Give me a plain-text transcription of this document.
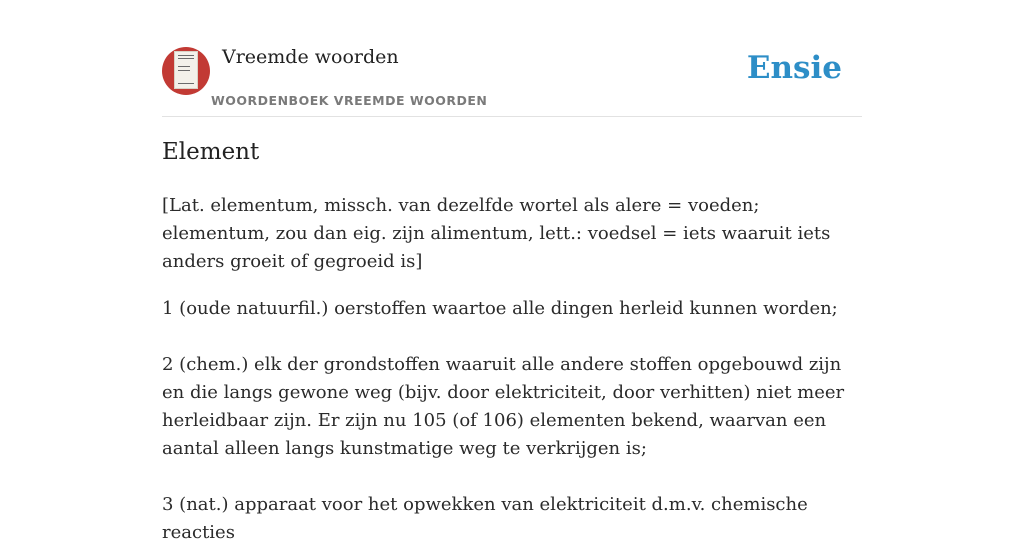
Vreemde woorden
WOORDENBOEK VREEMDE WOORDEN
Ensie
Element

[Lat. elementum, missch. van dezelfde wortel als alere = voeden; elementum, zou dan eig. zijn alimentum, lett.: voedsel = iets waaruit iets anders groeit of gegroeid is]

1 (oude natuurfil.) oerstoffen waartoe alle dingen herleid kunnen worden;

2 (chem.) elk der grondstoffen waaruit alle andere stoffen opgebouwd zijn en die langs gewone weg (bijv. door elektriciteit, door verhitten) niet meer herleidbaar zijn. Er zijn nu 105 (of 106) elementen bekend, waarvan een aantal alleen langs kunstmatige weg te verkrijgen is;

3 (nat.) apparaat voor het opwekken van elektriciteit d.m.v. chemische reacties
